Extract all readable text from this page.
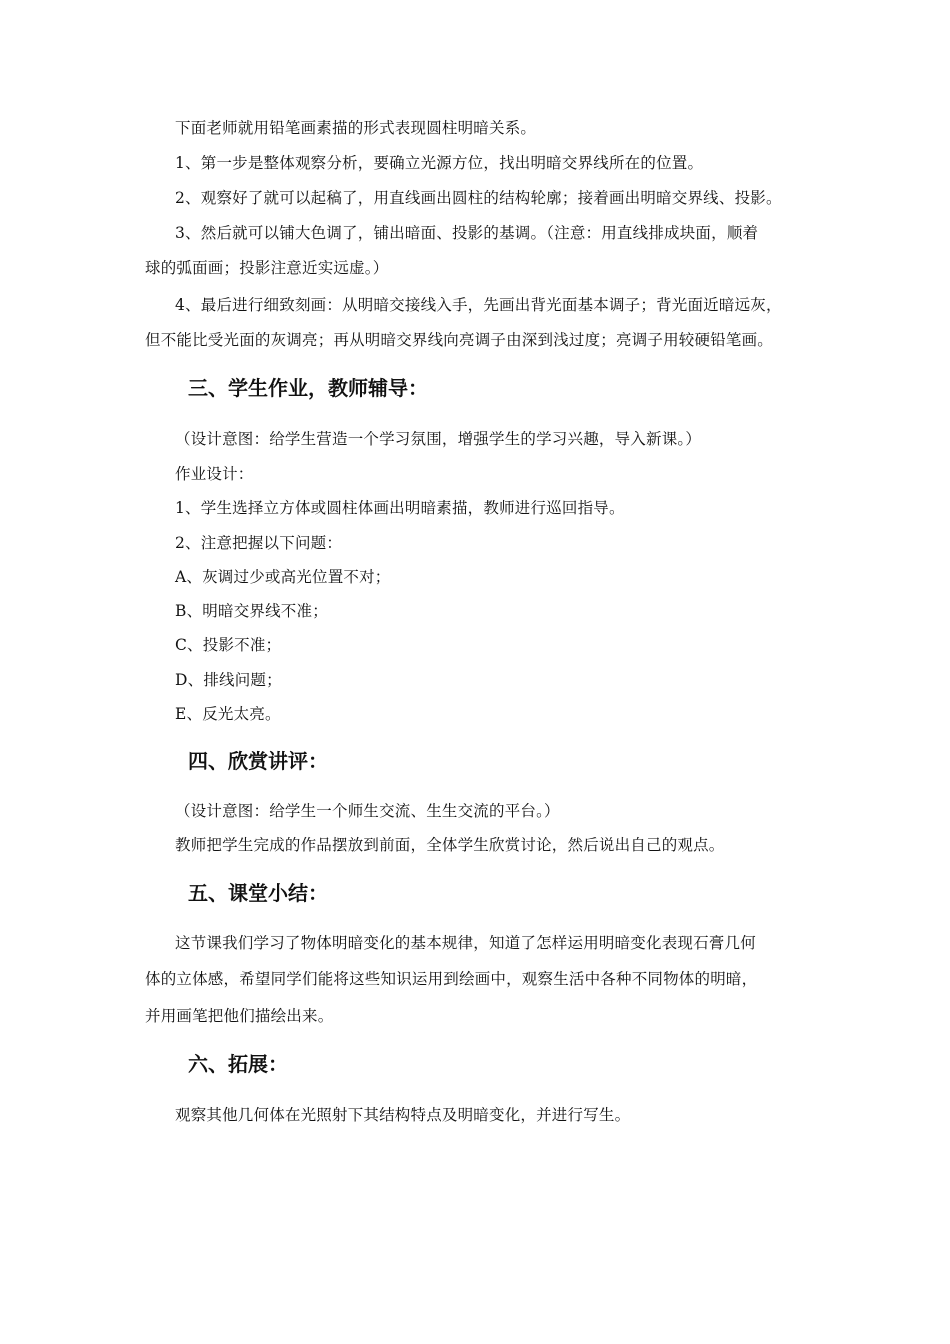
下面老师就用铅笔画素描的形式表现圆柱明暗关系。
1、第一步是整体观察分析，要确立光源方位，找出明暗交界线所在的位置。
2、观察好了就可以起稿了，用直线画出圆柱的结构轮廓；接着画出明暗交界线、投影。
3、然后就可以铺大色调了，铺出暗面、投影的基调。（注意：用直线排成块面，顺着
球的弧面画；投影注意近实远虚。）
4、最后进行细致刻画：从明暗交接线入手，先画出背光面基本调子；背光面近暗远灰，
但不能比受光面的灰调亮；再从明暗交界线向亮调子由深到浅过度；亮调子用较硬铅笔画。
三、学生作业，教师辅导：
（设计意图：给学生营造一个学习氛围，增强学生的学习兴趣，导入新课。）
作业设计：
1、学生选择立方体或圆柱体画出明暗素描，教师进行巡回指导。
2、注意把握以下问题：
A、灰调过少或高光位置不对；
B、明暗交界线不准；
C、投影不准；
D、排线问题；
E、反光太亮。
四、欣赏讲评：
（设计意图：给学生一个师生交流、生生交流的平台。）
教师把学生完成的作品摆放到前面，全体学生欣赏讨论，然后说出自己的观点。
五、课堂小结：
这节课我们学习了物体明暗变化的基本规律，知道了怎样运用明暗变化表现石膏几何
体的立体感，希望同学们能将这些知识运用到绘画中，观察生活中各种不同物体的明暗，
并用画笔把他们描绘出来。
六、拓展：
观察其他几何体在光照射下其结构特点及明暗变化，并进行写生。
